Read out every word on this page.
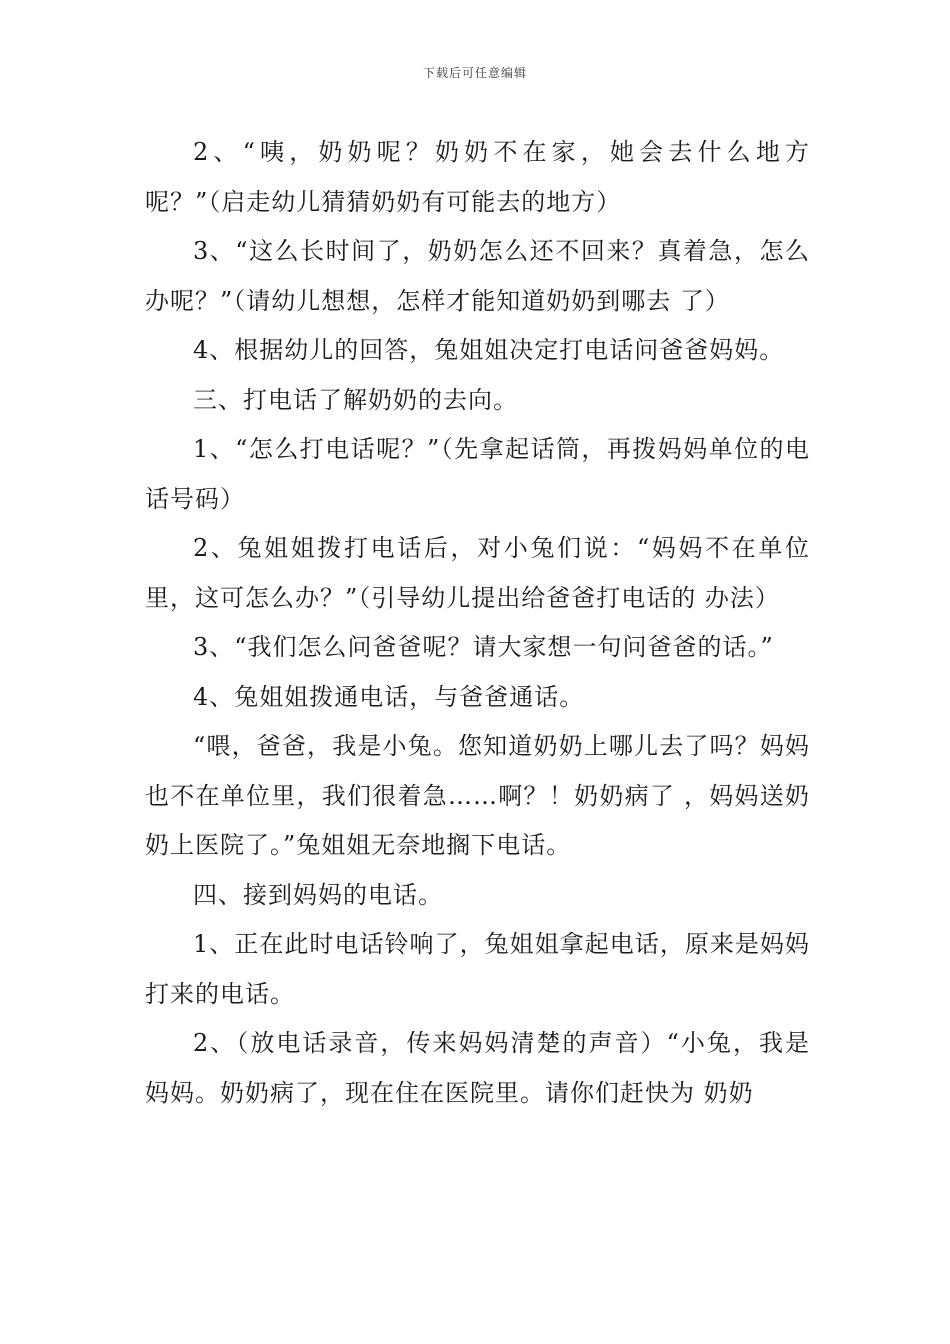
下载后可任意编辑

2、“咦，奶奶呢？奶奶不在家，她会去什么地方呢？”（启走幼儿猜猜奶奶有可能去的地方）

3、“这么长时间了，奶奶怎么还不回来？真着急，怎么办呢？”（请幼儿想想，怎样才能知道奶奶到哪去 了）

4、根据幼儿的回答，兔姐姐决定打电话问爸爸妈妈。

三、打电话了解奶奶的去向。

1、“怎么打电话呢？”（先拿起话筒，再拨妈妈单位的电话号码）

2、兔姐姐拨打电话后，对小兔们说：“妈妈不在单位里，这可怎么办？”（引导幼儿提出给爸爸打电话的 办法）

3、“我们怎么问爸爸呢？请大家想一句问爸爸的话。”

4、兔姐姐拨通电话，与爸爸通话。

“喂，爸爸，我是小兔。您知道奶奶上哪儿去了吗？妈妈也不在单位里，我们很着急……啊？！奶奶病了 ，妈妈送奶奶上医院了。”兔姐姐无奈地搁下电话。

四、接到妈妈的电话。

1、正在此时电话铃响了，兔姐姐拿起电话，原来是妈妈打来的电话。

2、（放电话录音，传来妈妈清楚的声音）“小兔，我是妈妈。奶奶病了，现在住在医院里。请你们赶快为 奶奶
